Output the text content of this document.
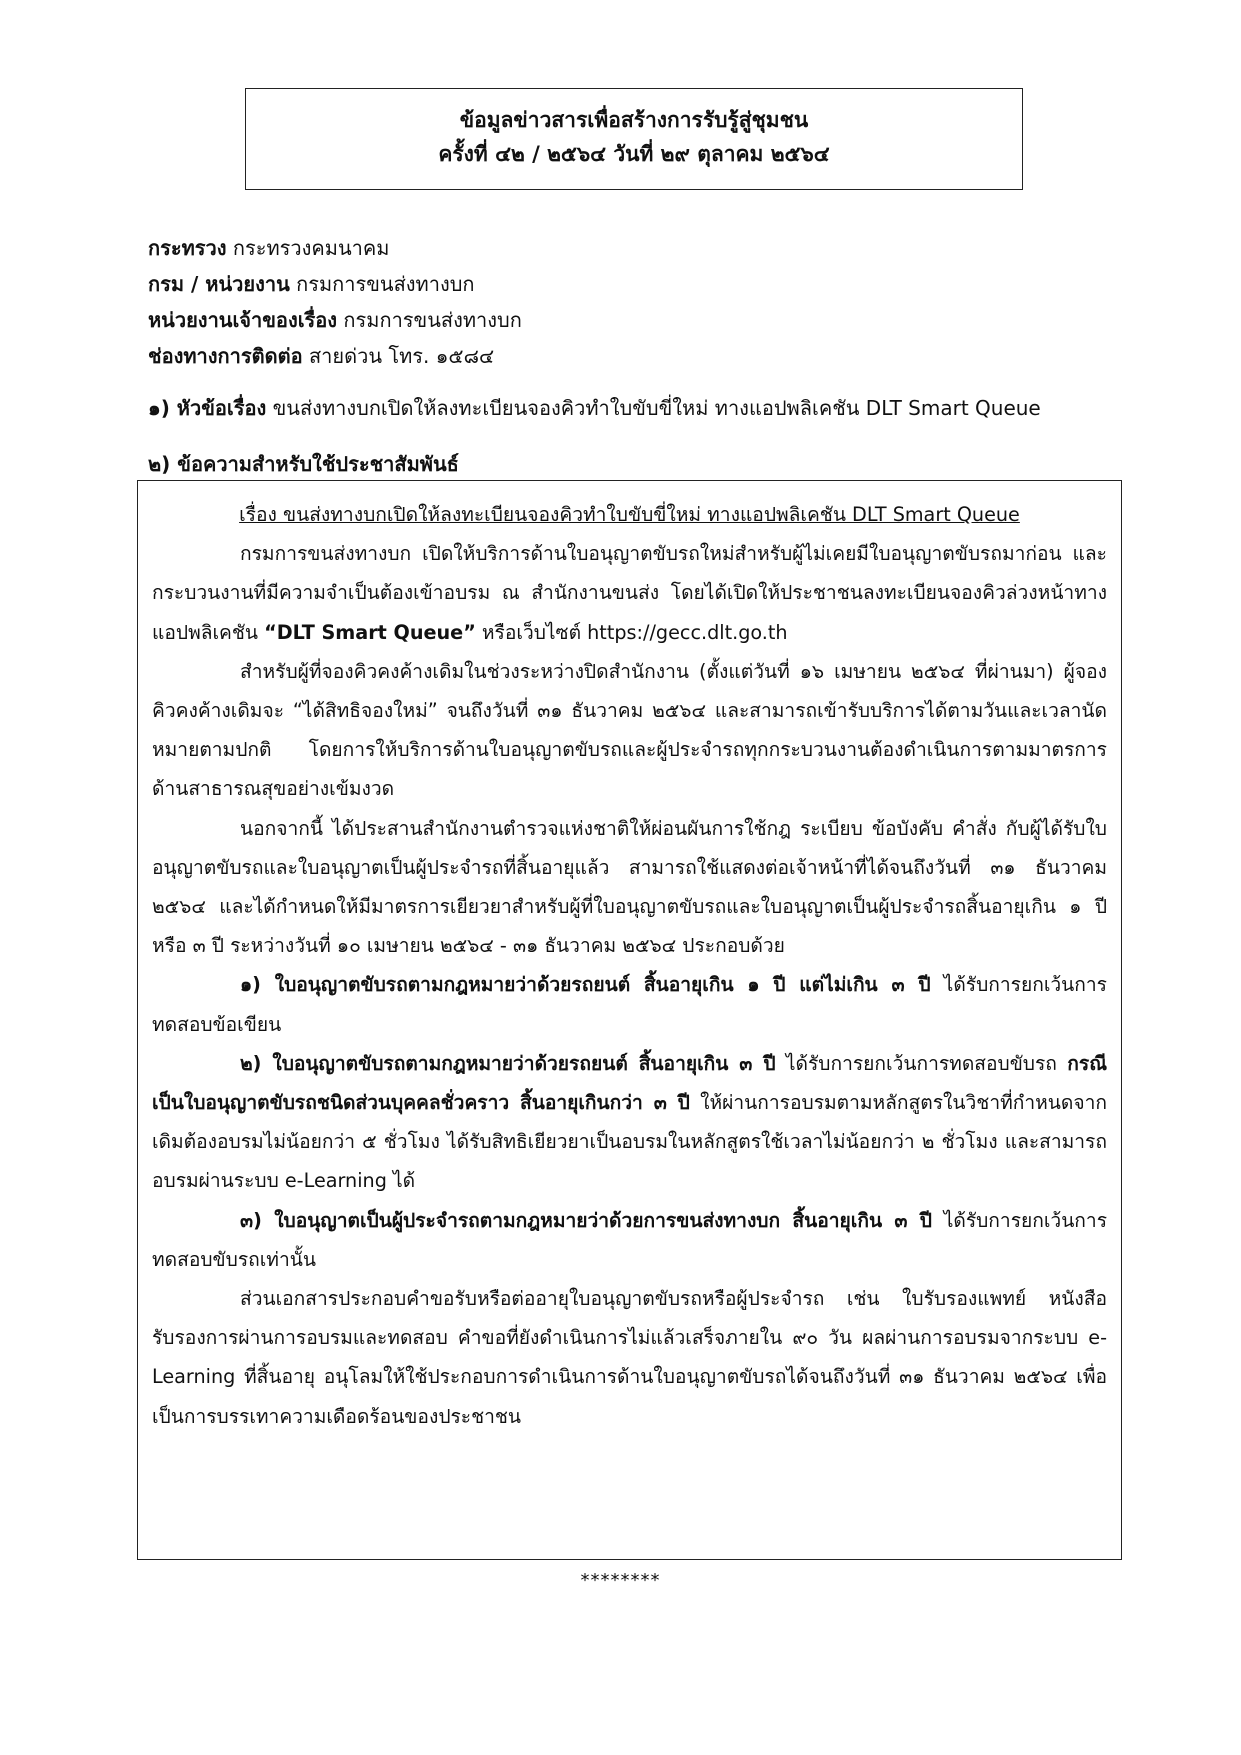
ข้อมูลข่าวสารเพื่อสร้างการรับรู้สู่ชุมชน
ครั้งที่ ๔๒ / ๒๕๖๔ วันที่ ๒๙ ตุลาคม ๒๕๖๔
กระทรวง กระทรวงคมนาคม
กรม / หน่วยงาน กรมการขนส่งทางบก
หน่วยงานเจ้าของเรื่อง กรมการขนส่งทางบก
ช่องทางการติดต่อ สายด่วน โทร. ๑๕๘๔
๑) หัวข้อเรื่อง ขนส่งทางบกเปิดให้ลงทะเบียนจองคิวทำใบขับขี่ใหม่ ทางแอปพลิเคชัน DLT Smart Queue
๒) ข้อความสำหรับใช้ประชาสัมพันธ์
เรื่อง ขนส่งทางบกเปิดให้ลงทะเบียนจองคิวทำใบขับขี่ใหม่ ทางแอปพลิเคชัน DLT Smart Queue

กรมการขนส่งทางบก เปิดให้บริการด้านใบอนุญาตขับรถใหม่สำหรับผู้ไม่เคยมีใบอนุญาตขับรถมาก่อน และกระบวนงานที่มีความจำเป็นต้องเข้าอบรม ณ สำนักงานขนส่ง โดยได้เปิดให้ประชาชนลงทะเบียนจองคิวล่วงหน้าทางแอปพลิเคชัน “DLT Smart Queue” หรือเว็บไซต์ https://gecc.dlt.go.th

สำหรับผู้ที่จองคิวคงค้างเดิมในช่วงระหว่างปิดสำนักงาน (ตั้งแต่วันที่ ๑๖ เมษายน ๒๕๖๔ ที่ผ่านมา) ผู้จองคิวคงค้างเดิมจะ “ได้สิทธิจองใหม่” จนถึงวันที่ ๓๑ ธันวาคม ๒๕๖๔ และสามารถเข้ารับบริการได้ตามวันและเวลานัดหมายตามปกติ โดยการให้บริการด้านใบอนุญาตขับรถและผู้ประจำรถทุกกระบวนงานต้องดำเนินการตามมาตรการด้านสาธารณสุขอย่างเข้มงวด

นอกจากนี้ ได้ประสานสำนักงานตำรวจแห่งชาติให้ผ่อนผันการใช้กฎ ระเบียบ ข้อบังคับ คำสั่ง กับผู้ได้รับใบอนุญาตขับรถและใบอนุญาตเป็นผู้ประจำรถที่สิ้นอายุแล้ว สามารถใช้แสดงต่อเจ้าหน้าที่ได้จนถึงวันที่ ๓๑ ธันวาคม ๒๕๖๔ และได้กำหนดให้มีมาตรการเยียวยาสำหรับผู้ที่ใบอนุญาตขับรถและใบอนุญาตเป็นผู้ประจำรถสิ้นอายุเกิน ๑ ปี หรือ ๓ ปี ระหว่างวันที่ ๑๐ เมษายน ๒๕๖๔ - ๓๑ ธันวาคม ๒๕๖๔ ประกอบด้วย

๑) ใบอนุญาตขับรถตามกฎหมายว่าด้วยรถยนต์ สิ้นอายุเกิน ๑ ปี แต่ไม่เกิน ๓ ปี ได้รับการยกเว้นการทดสอบข้อเขียน

๒) ใบอนุญาตขับรถตามกฎหมายว่าด้วยรถยนต์ สิ้นอายุเกิน ๓ ปี ได้รับการยกเว้นการทดสอบขับรถ กรณีเป็นใบอนุญาตขับรถชนิดส่วนบุคคลชั่วคราว สิ้นอายุเกินกว่า ๓ ปี ให้ผ่านการอบรมตามหลักสูตรในวิชาที่กำหนดจากเดิมต้องอบรมไม่น้อยกว่า ๕ ชั่วโมง ได้รับสิทธิเยียวยาเป็นอบรมในหลักสูตรใช้เวลาไม่น้อยกว่า ๒ ชั่วโมง และสามารถอบรมผ่านระบบ e-Learning ได้

๓) ใบอนุญาตเป็นผู้ประจำรถตามกฎหมายว่าด้วยการขนส่งทางบก สิ้นอายุเกิน ๓ ปี ได้รับการยกเว้นการทดสอบขับรถเท่านั้น

ส่วนเอกสารประกอบคำขอรับหรือต่ออายุใบอนุญาตขับรถหรือผู้ประจำรถ เช่น ใบรับรองแพทย์ หนังสือรับรองการผ่านการอบรมและทดสอบ คำขอที่ยังดำเนินการไม่แล้วเสร็จภายใน ๙๐ วัน ผลผ่านการอบรมจากระบบ e-Learning ที่สิ้นอายุ อนุโลมให้ใช้ประกอบการดำเนินการด้านใบอนุญาตขับรถได้จนถึงวันที่ ๓๑ ธันวาคม ๒๕๖๔ เพื่อเป็นการบรรเทาความเดือดร้อนของประชาชน

********
